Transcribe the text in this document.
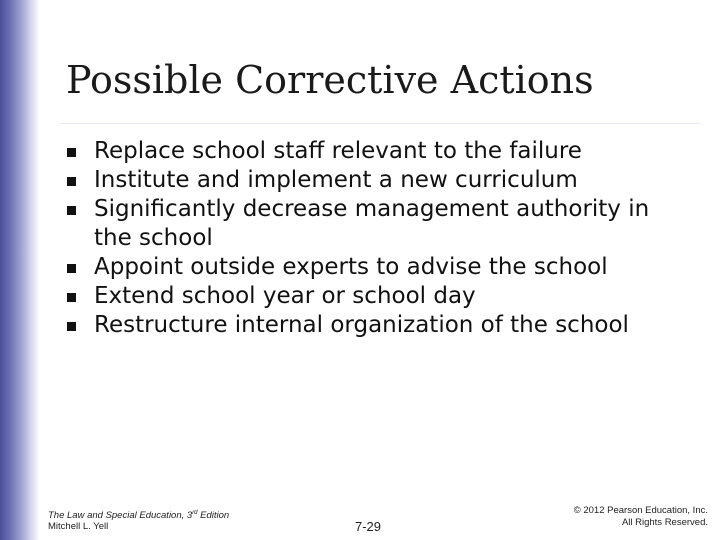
Possible Corrective Actions
Replace school staff relevant to the failure
Institute and implement a new curriculum
Significantly decrease management authority in the school
Appoint outside experts to advise the school
Extend school year or school day
Restructure internal organization of the school
The Law and Special Education, 3rd Edition
Mitchell L. Yell	7-29
© 2012 Pearson Education, Inc.
All Rights Reserved.
